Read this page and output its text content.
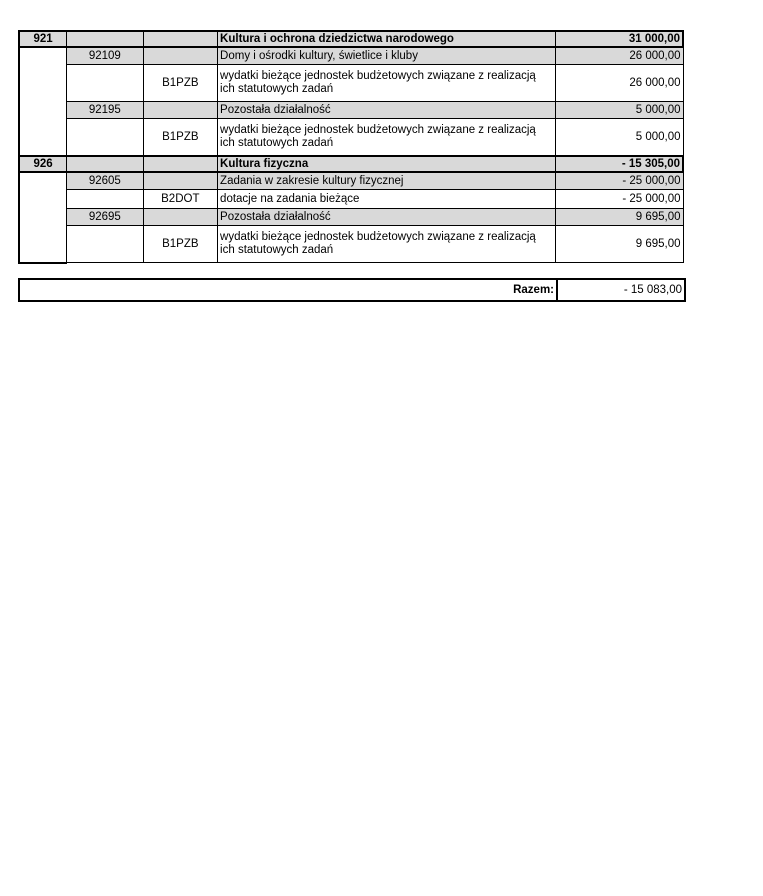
921			Kultura i ochrona dziedzictwa narodowego	31 000,00
	92109		Domy i ośrodki kultury, świetlice i kluby	26 000,00
		B1PZB	wydatki bieżące jednostek budżetowych związane z realizacją ich statutowych zadań	26 000,00
	92195		Pozostała działalność	5 000,00
		B1PZB	wydatki bieżące jednostek budżetowych związane z realizacją ich statutowych zadań	5 000,00
926			Kultura fizyczna	- 15 305,00
	92605		Zadania w zakresie kultury fizycznej	- 25 000,00
		B2DOT	dotacje na zadania bieżące	- 25 000,00
	92695		Pozostała działalność	9 695,00
		B1PZB	wydatki bieżące jednostek budżetowych związane z realizacją ich statutowych zadań	9 695,00
Razem:	- 15 083,00
